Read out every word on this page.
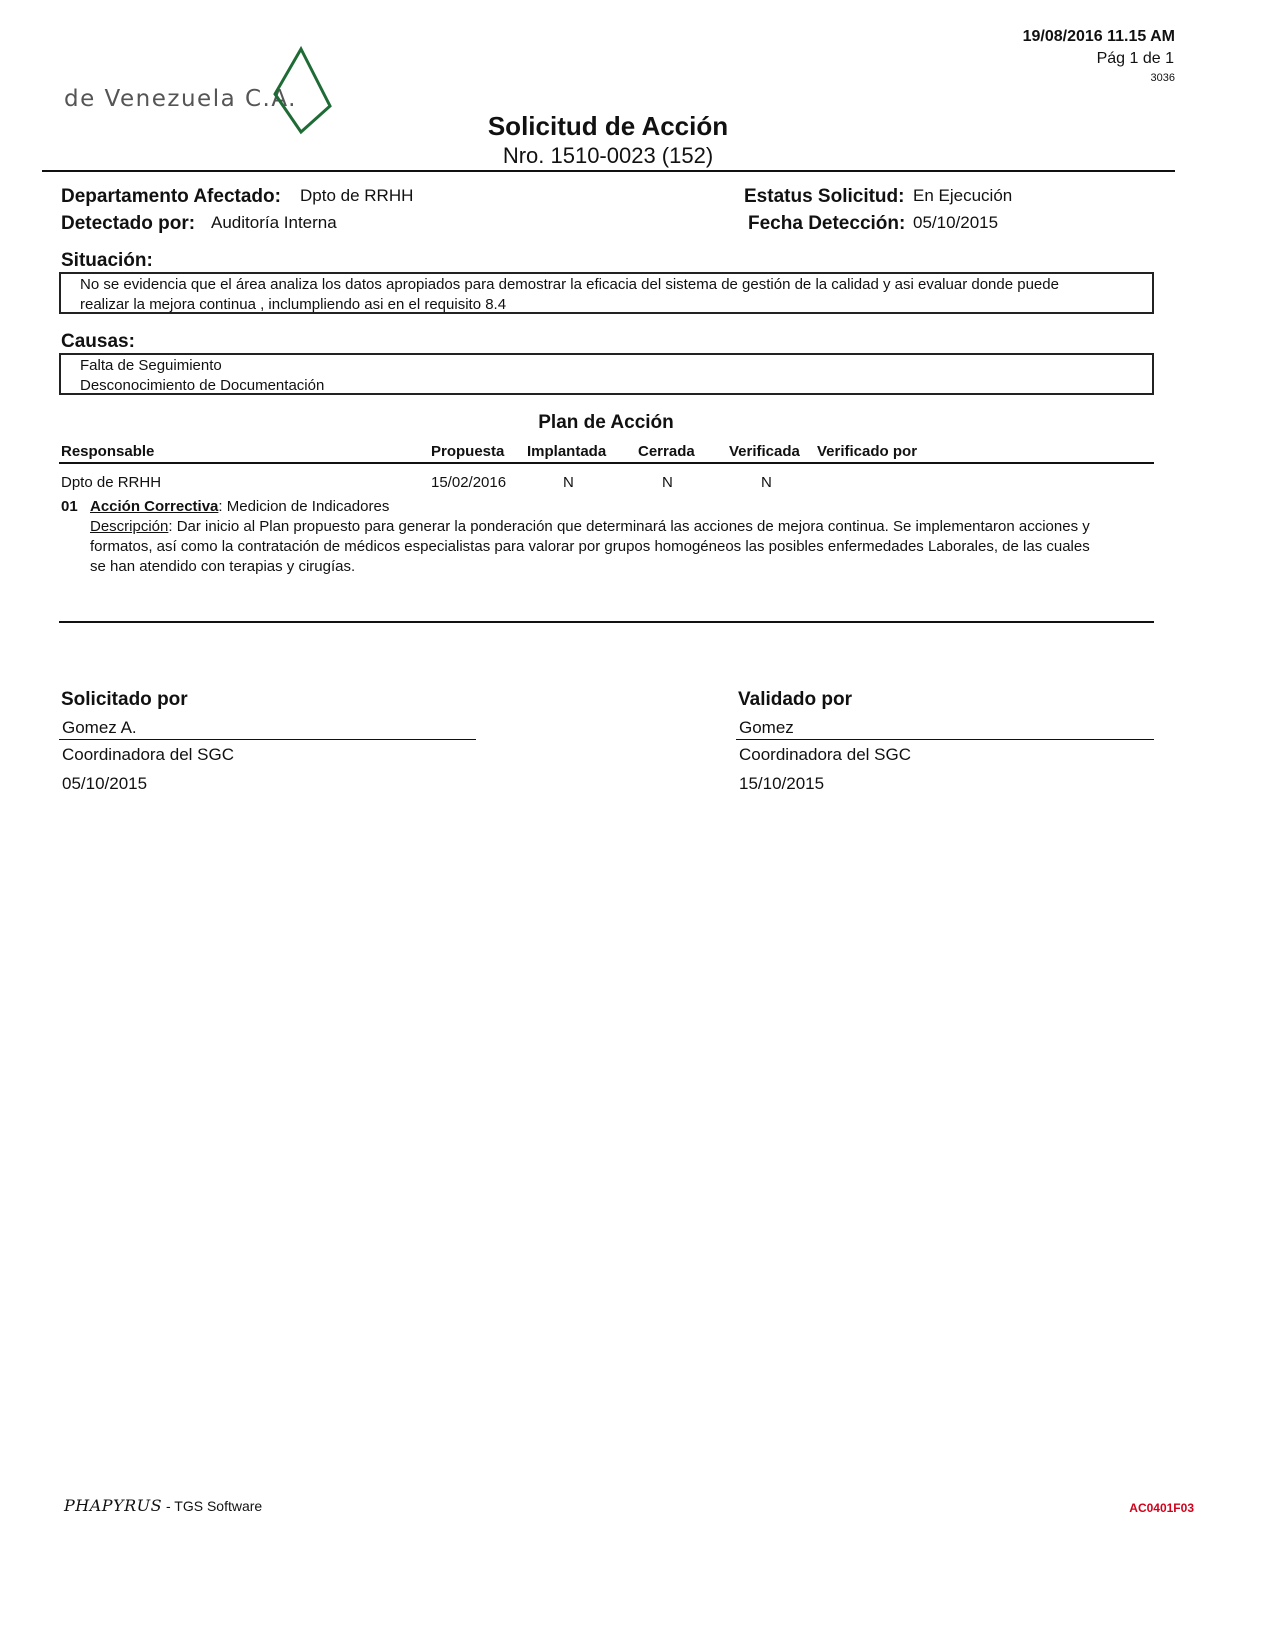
19/08/2016 11.15 AM
Pág 1 de 1
3036
de Venezuela C.A.
Solicitud de Acción
Nro. 1510-0023 (152)
Departamento Afectado: Dpto de RRHH
Detectado por: Auditoría Interna
Estatus Solicitud: En Ejecución
Fecha Detección: 05/10/2015
Situación:
No se evidencia que el área analiza los datos apropiados para demostrar la eficacia del sistema de gestión de la calidad y asi evaluar donde puede
realizar la mejora continua , inclumpliendo asi en el requisito 8.4
Causas:
Falta de Seguimiento
Desconocimiento de Documentación
Plan de Acción
Responsable	Propuesta Implantada Cerrada Verificada Verificado por
Dpto de RRHH	15/02/2016	N	N	N
01 Acción Correctiva: Medicion de Indicadores
Descripción: Dar inicio al Plan propuesto para generar la ponderación que determinará las acciones de mejora continua. Se implementaron acciones y
formatos, así como la contratación de médicos especialistas para valorar por grupos homogéneos las posibles enfermedades Laborales, de las cuales
se han atendido con terapias y cirugías.
Solicitado por
Gomez A.
Coordinadora del SGC
05/10/2015
Validado por
Gomez
Coordinadora del SGC
15/10/2015
PHAPYRUS - TGS Software	AC0401F03
